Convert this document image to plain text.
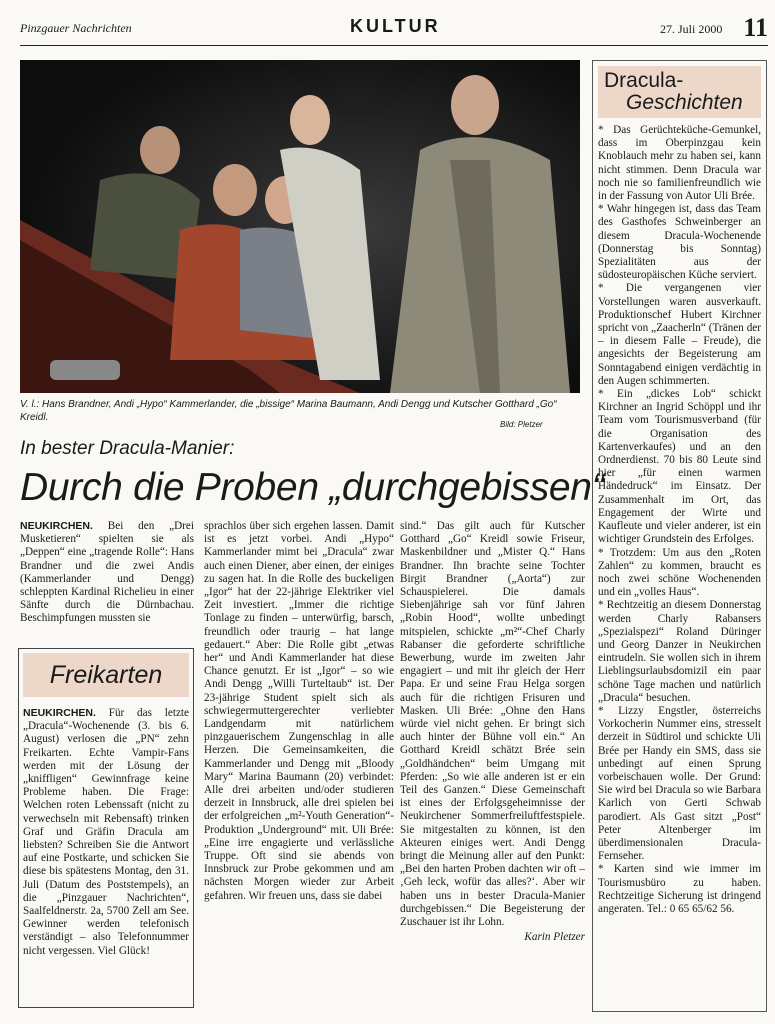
Pinzgauer Nachrichten	KULTUR	27. Juli 2000 11
V. l.: Hans Brandner, Andi „Hypo“ Kammerlander, die „bissige“ Marina Baumann, Andi Dengg und Kutscher Gotthard „Go“ Kreidl.
Bild: Pletzer
In bester Dracula-Manier:
Durch die Proben „durchgebissen“

NEUKIRCHEN. Bei den „Drei Musketieren“ spielten sie als „Deppen“ eine „tragende Rolle“: Hans Brandner und die zwei Andis (Kammerlander und Dengg) schleppten Kardinal Richelieu in einer Sänfte durch die Dürnbachau. Beschimpfungen mussten sie

Freikarten

NEUKIRCHEN. Für das letzte „Dracula“-Wochenende (3. bis 6. August) verlosen die „PN“ zehn Freikarten. Echte Vampir-Fans werden mit der Lösung der „kniffligen“ Gewinnfrage keine Probleme haben. Die Frage: Welchen roten Lebenssaft (nicht zu verwechseln mit Rebensaft) trinken Graf und Gräfin Dracula am liebsten? Schreiben Sie die Antwort auf eine Postkarte, und schicken Sie diese bis spätestens Montag, den 31. Juli (Datum des Poststempels), an die „Pinzgauer Nachrichten“, Saalfeldnerstr. 2a, 5700 Zell am See. Gewinner werden telefonisch verständigt – also Telefonnummer nicht vergessen. Viel Glück!

sprachlos über sich ergehen lassen. Damit ist es jetzt vorbei. Andi „Hypo“ Kammerlander mimt bei „Dracula“ zwar auch einen Diener, aber einen, der einiges zu sagen hat. In die Rolle des buckeligen „Igor“ hat der 22-jährige Elektriker viel Zeit investiert. „Immer die richtige Tonlage zu finden – unterwürfig, barsch, freundlich oder traurig – hat lange gedauert.“ Aber: Die Rolle gibt „etwas her“ und Andi Kammerlander hat diese Chance genutzt. Er ist „Igor“ – so wie Andi Dengg „Willi Turteltaub“ ist. Der 23-jährige Student spielt sich als schwiegermuttergerechter verliebter Landgendarm mit natürlichem pinzgauerischem Zungenschlag in alle Herzen. Die Gemeinsamkeiten, die Kammerlander und Dengg mit „Bloody Mary“ Marina Baumann (20) verbindet: Alle drei arbeiten und/oder studieren derzeit in Innsbruck, alle drei spielen bei der erfolgreichen „m²-Youth Generation“-Produktion „Underground“ mit. Uli Brée: „Eine irre engagierte und verlässliche Truppe. Oft sind sie abends von Innsbruck zur Probe gekommen und am nächsten Morgen wieder zur Arbeit gefahren. Wir freuen uns, dass sie dabei

sind.“ Das gilt auch für Kutscher Gotthard „Go“ Kreidl sowie Friseur, Maskenbildner und „Mister Q.“ Hans Brandner. Ihn brachte seine Tochter Birgit Brandner („Aorta“) zur Schauspielerei. Die damals Siebenjährige sah vor fünf Jahren „Robin Hood“, wollte unbedingt mitspielen, schickte „m²“-Chef Charly Rabanser die geforderte schriftliche Bewerbung, wurde im zweiten Jahr engagiert – und mit ihr gleich der Herr Papa. Er und seine Frau Helga sorgen auch für die richtigen Frisuren und Masken. Uli Brée: „Ohne den Hans würde viel nicht gehen. Er bringt sich auch hinter der Bühne voll ein.“ An Gotthard Kreidl schätzt Brée sein „Goldhändchen“ beim Umgang mit Pferden: „So wie alle anderen ist er ein Teil des Ganzen.“ Diese Gemeinschaft ist eines der Erfolgsgeheimnisse der Neukirchener Sommerfreiluftfestspiele. Sie mitgestalten zu können, ist den Akteuren einiges wert. Andi Dengg bringt die Meinung aller auf den Punkt: „Bei den harten Proben dachten wir oft – ‚Geh leck, wofür das alles?‘. Aber wir haben uns in bester Dracula-Manier durchgebissen.“ Die Begeisterung der Zuschauer ist ihr Lohn.

Karin Pletzer
Dracula-
Geschichten

* Das Gerüchteküche-Gemunkel, dass im Oberpinzgau kein Knoblauch mehr zu haben sei, kann nicht stimmen. Denn Dracula war noch nie so familienfreundlich wie in der Fassung von Autor Uli Brée.

* Wahr hingegen ist, dass das Team des Gasthofes Schweinberger an diesem Dracula-Wochenende (Donnerstag bis Sonntag) Spezialitäten aus der südosteuropäischen Küche serviert.

* Die vergangenen vier Vorstellungen waren ausverkauft. Produktionschef Hubert Kirchner spricht von „Zaacherln“ (Tränen der – in diesem Falle – Freude), die angesichts der Begeisterung am Sonntagabend einigen verdächtig in den Augen schimmerten.

* Ein „dickes Lob“ schickt Kirchner an Ingrid Schöppl und ihr Team vom Tourismusverband (für die Organisation des Kartenverkaufes) und an den Ordnerdienst. 70 bis 80 Leute sind hier „für einen warmen Händedruck“ im Einsatz. Der Zusammenhalt im Ort, das Engagement der Wirte und Kaufleute und vieler anderer, ist ein wichtiger Grundstein des Erfolges.

* Trotzdem: Um aus den „Roten Zahlen“ zu kommen, braucht es noch zwei schöne Wochenenden und ein „volles Haus“.

* Rechtzeitig an diesem Donnerstag werden Charly Rabansers „Spezialspezi“ Roland Düringer und Georg Danzer in Neukirchen eintrudeln. Sie wollen sich in ihrem Lieblingsurlaubsdomizil ein paar schöne Tage machen und natürlich „Dracula“ besuchen.

* Lizzy Engstler, österreichs Vorkocherin Nummer eins, stresselt derzeit in Südtirol und schickte Uli Brée per Handy ein SMS, dass sie unbedingt auf einen Sprung vorbeischauen wolle. Der Grund: Sie wird bei Dracula so wie Barbara Karlich von Gerti Schwab parodiert. Als Gast sitzt „Post“ Peter Altenberger im überdimensionalen Dracula-Fernseher.

* Karten sind wie immer im Tourismusbüro zu haben. Rechtzeitige Sicherung ist dringend angeraten. Tel.: 0 65 65/62 56.
